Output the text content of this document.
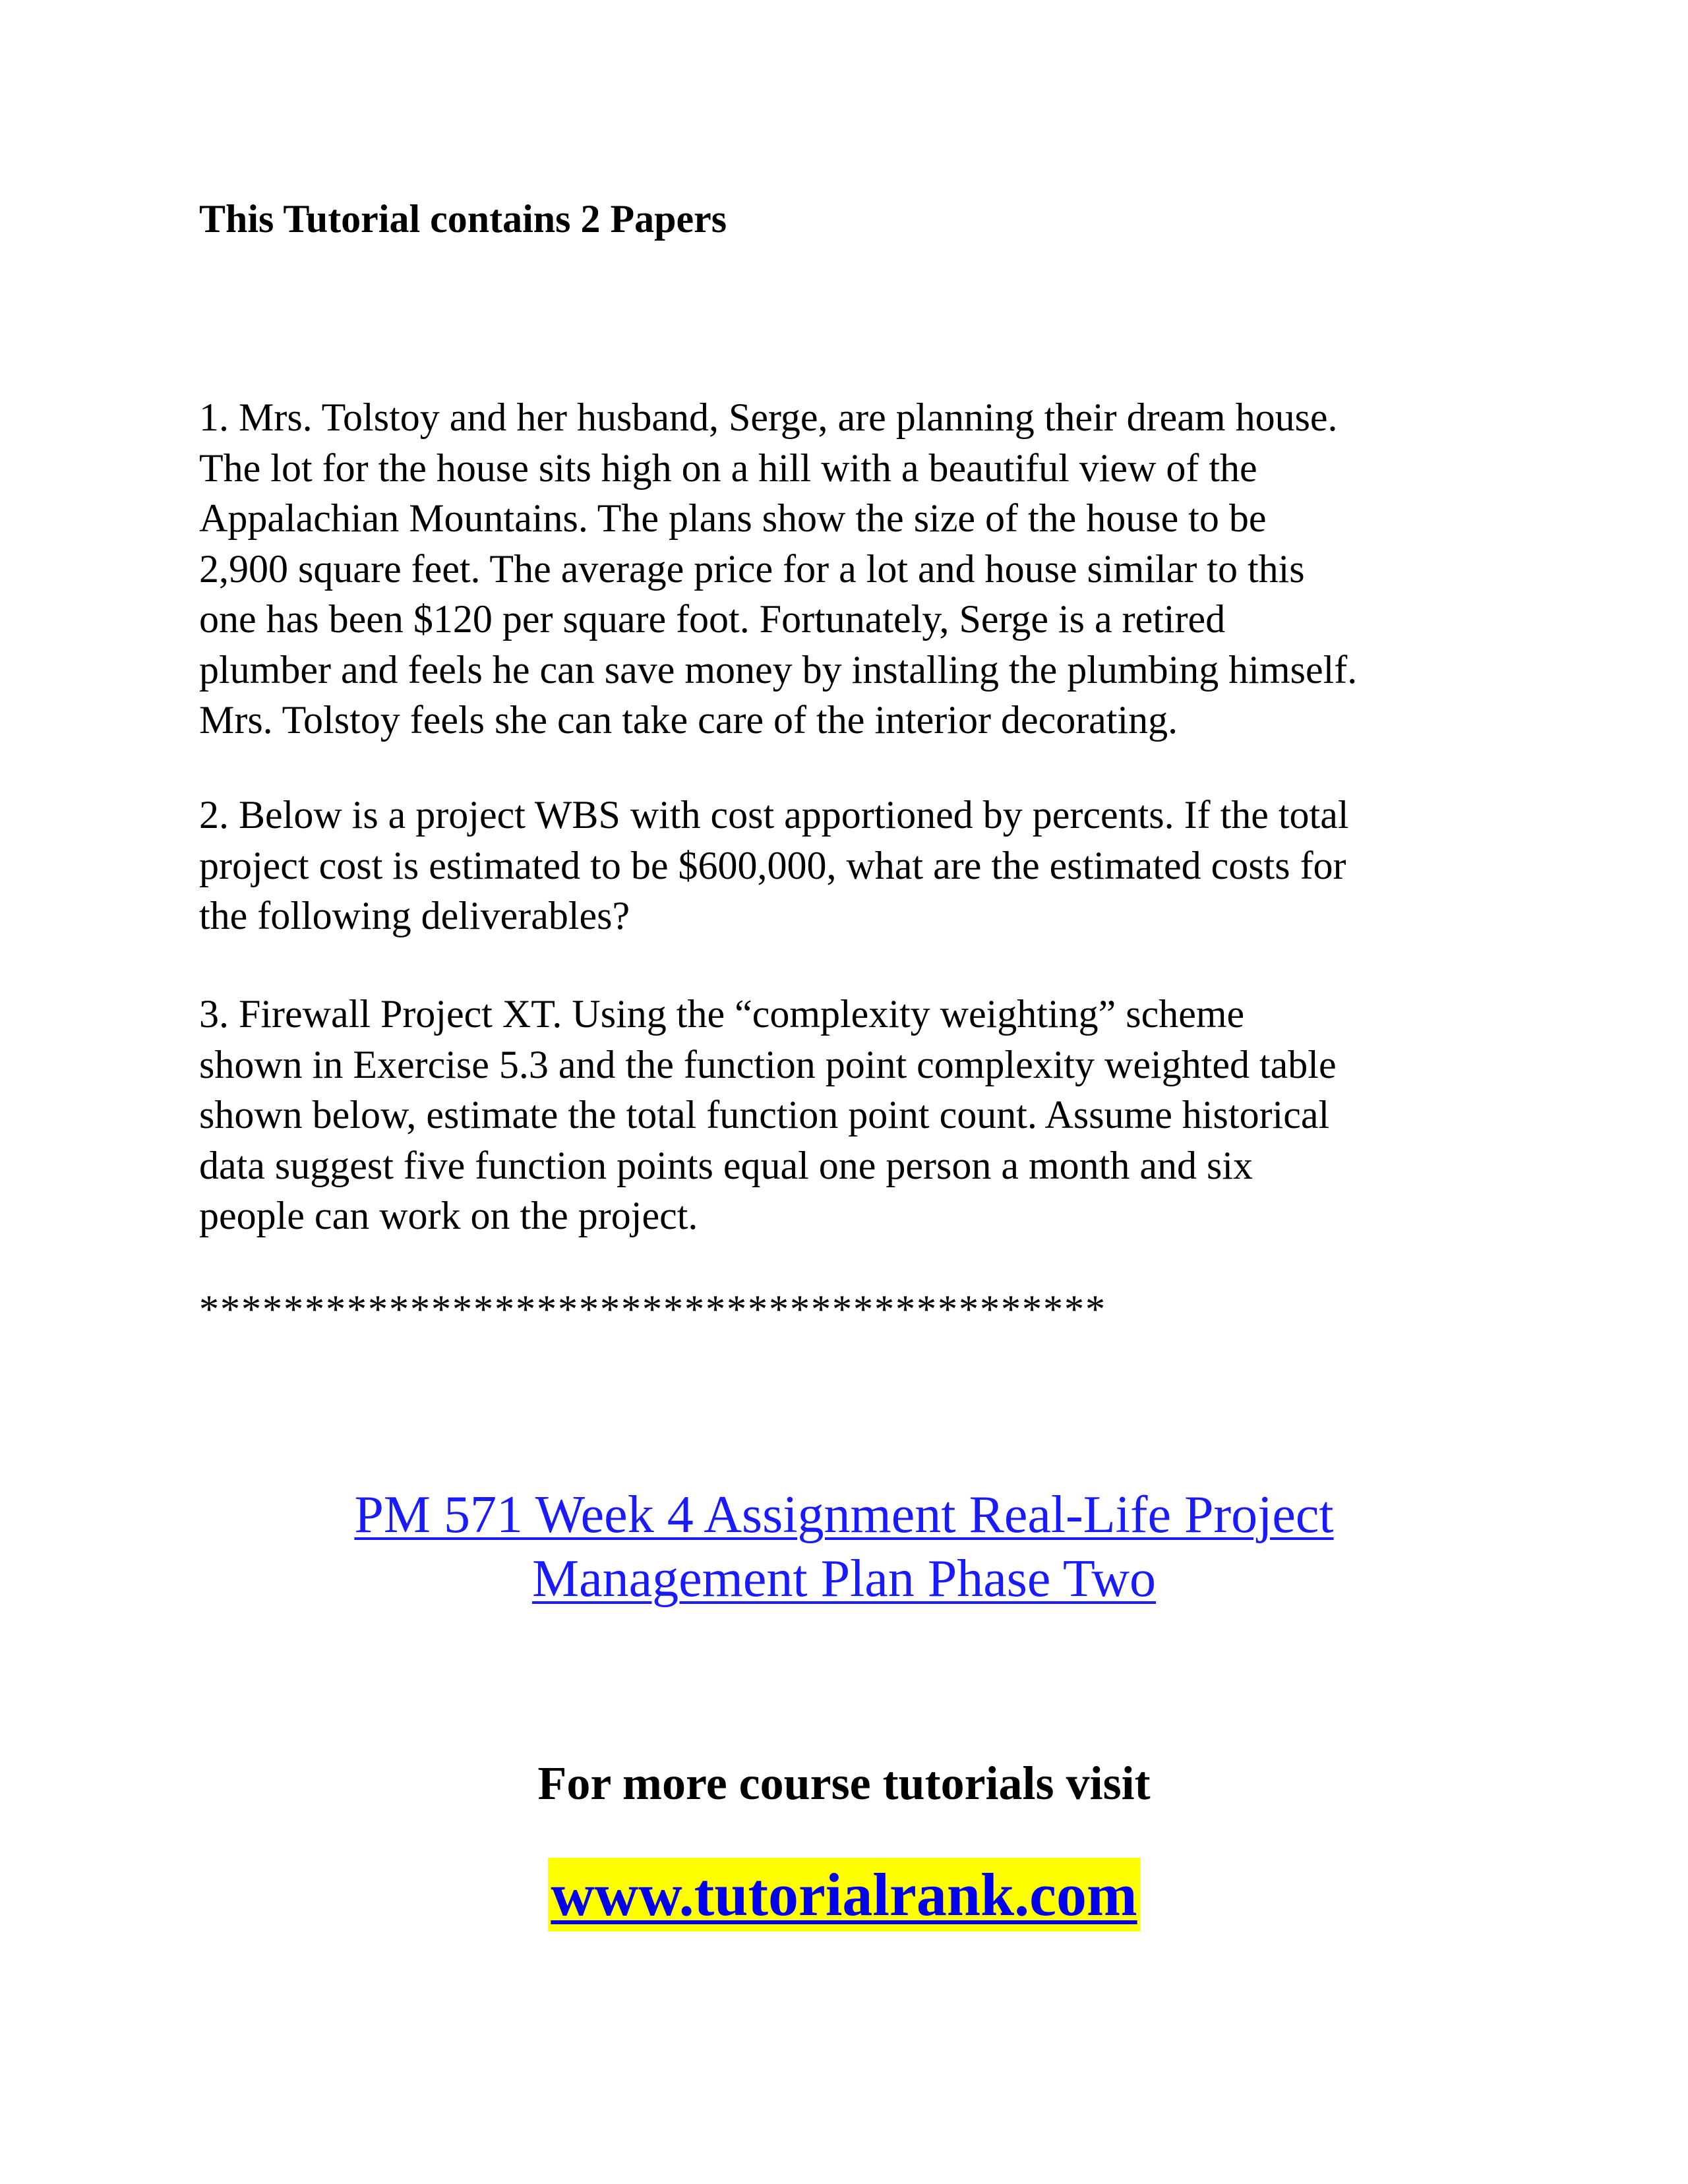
This Tutorial contains 2 Papers

1. Mrs. Tolstoy and her husband, Serge, are planning their dream house.
The lot for the house sits high on a hill with a beautiful view of the
Appalachian Mountains. The plans show the size of the house to be
2,900 square feet. The average price for a lot and house similar to this
one has been $120 per square foot. Fortunately, Serge is a retired
plumber and feels he can save money by installing the plumbing himself.
Mrs. Tolstoy feels she can take care of the interior decorating.

2. Below is a project WBS with cost apportioned by percents. If the total
project cost is estimated to be $600,000, what are the estimated costs for
the following deliverables?

3. Firewall Project XT. Using the “complexity weighting” scheme
shown in Exercise 5.3 and the function point complexity weighted table
shown below, estimate the total function point count. Assume historical
data suggest five function points equal one person a month and six
people can work on the project.

*******************************************

PM 571 Week 4 Assignment Real-Life Project
Management Plan Phase Two

For more course tutorials visit

www.tutorialrank.com
